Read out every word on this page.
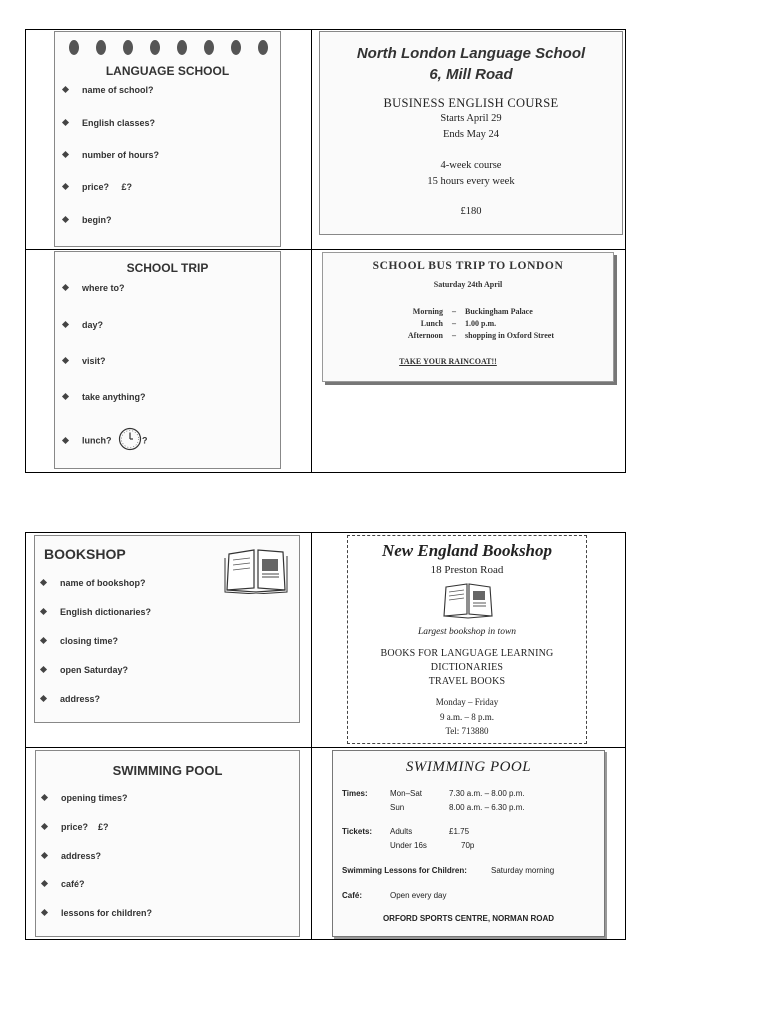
LANGUAGE SCHOOL
name of school?
English classes?
number of hours?
price?     £?
begin?
North London Language School
6, Mill Road
BUSINESS ENGLISH COURSE
Starts April 29
Ends May 24
4-week course
15 hours every week
£180
SCHOOL TRIP
where to?
day?
visit?
take anything?
lunch?	?
SCHOOL BUS TRIP TO LONDON
Saturday 24th April
Morning – Buckingham Palace
Lunch – 1.00 p.m.
Afternoon – shopping in Oxford Street
TAKE YOUR RAINCOAT!!
BOOKSHOP
name of bookshop?
English dictionaries?
closing time?
open Saturday?
address?
New England Bookshop
18 Preston Road
Largest bookshop in town
BOOKS FOR LANGUAGE LEARNING
DICTIONARIES
TRAVEL BOOKS
Monday – Friday
9 a.m. – 8 p.m.
Tel: 713880
SWIMMING POOL
opening times?
price?    £?
address?
café?
lessons for children?
SWIMMING POOL
Times:	Mon–Sat	7.30 a.m. – 8.00 p.m.
Sun	8.00 a.m. – 6.30 p.m.
Tickets: Adults	£1.75
Under 16s	70p
Swimming Lessons for Children:	Saturday morning
Café:	Open every day
ORFORD SPORTS CENTRE, NORMAN ROAD
